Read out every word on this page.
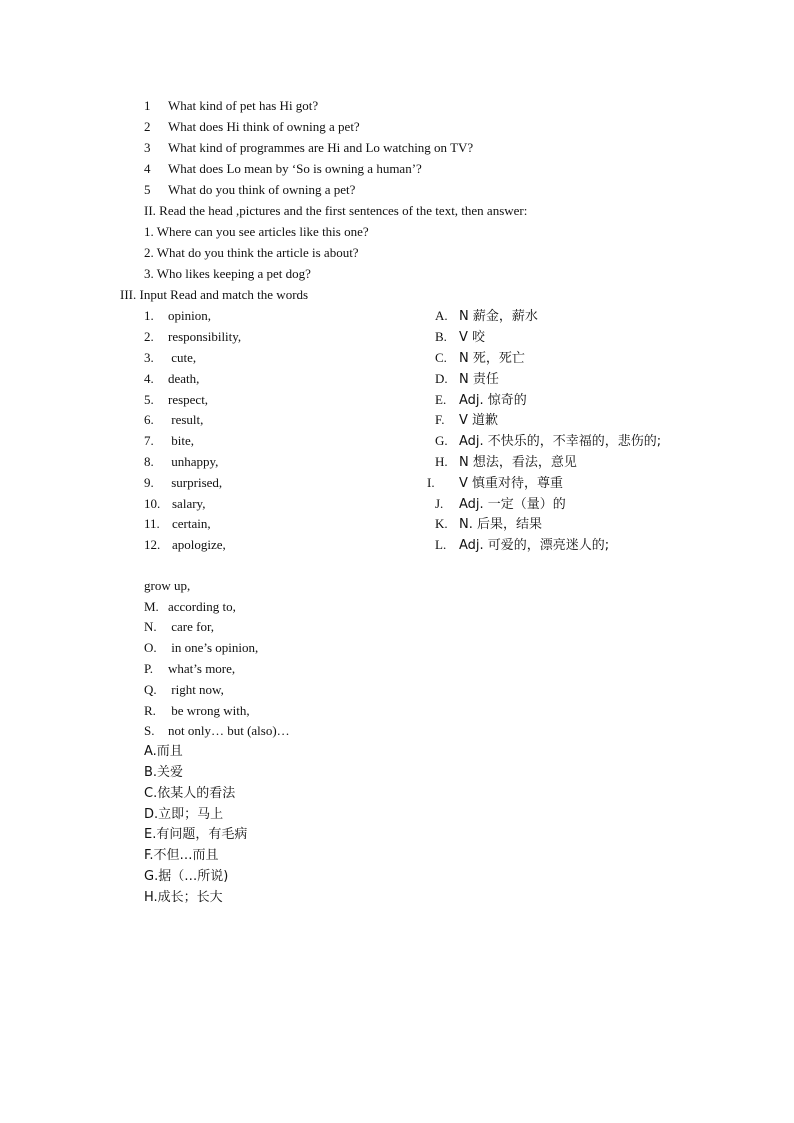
1 What kind of pet has Hi got?
2 What does Hi think of owning a pet?
3 What kind of programmes are Hi and Lo watching on TV?
4 What does Lo mean by ‘So is owning a human’?
5 What do you think of owning a pet?
II. Read the head ,pictures and the first sentences of the text, then answer:
1. Where can you see articles like this one?
2. What do you think the article is about?
3. Who likes keeping a pet dog?
III. Input Read and match the words
1. opinion,
2. responsibility,
3. cute,
4. death,
5. respect,
6. result,
7. bite,
8. unhappy,
9. surprised,
10. salary,
11. certain,
12. apologize,
A. N 薪金，薪水
B. V 咬
C. N 死，死亡
D. N 责任
E. Adj. 惊奇的
F. V 道歉
G. Adj. 不快乐的，不幸福的，悲伤的;
H. N 想法，看法，意见
I. V 慎重对待，尊重
J. Adj. 一定（量）的
K. N. 后果，结果
L. Adj. 可爱的，漂亮迷人的;
grow up,
M. according to,
N. care for,
O. in one’s opinion,
P. what’s more,
Q. right now,
R. be wrong with,
S. not only… but (also)…
A.而且
B.关爱
C.依某人的看法
D.立即；马上
E.有问题，有毛病
F.不但…而且
G.据（…所说)
H.成长；长大
